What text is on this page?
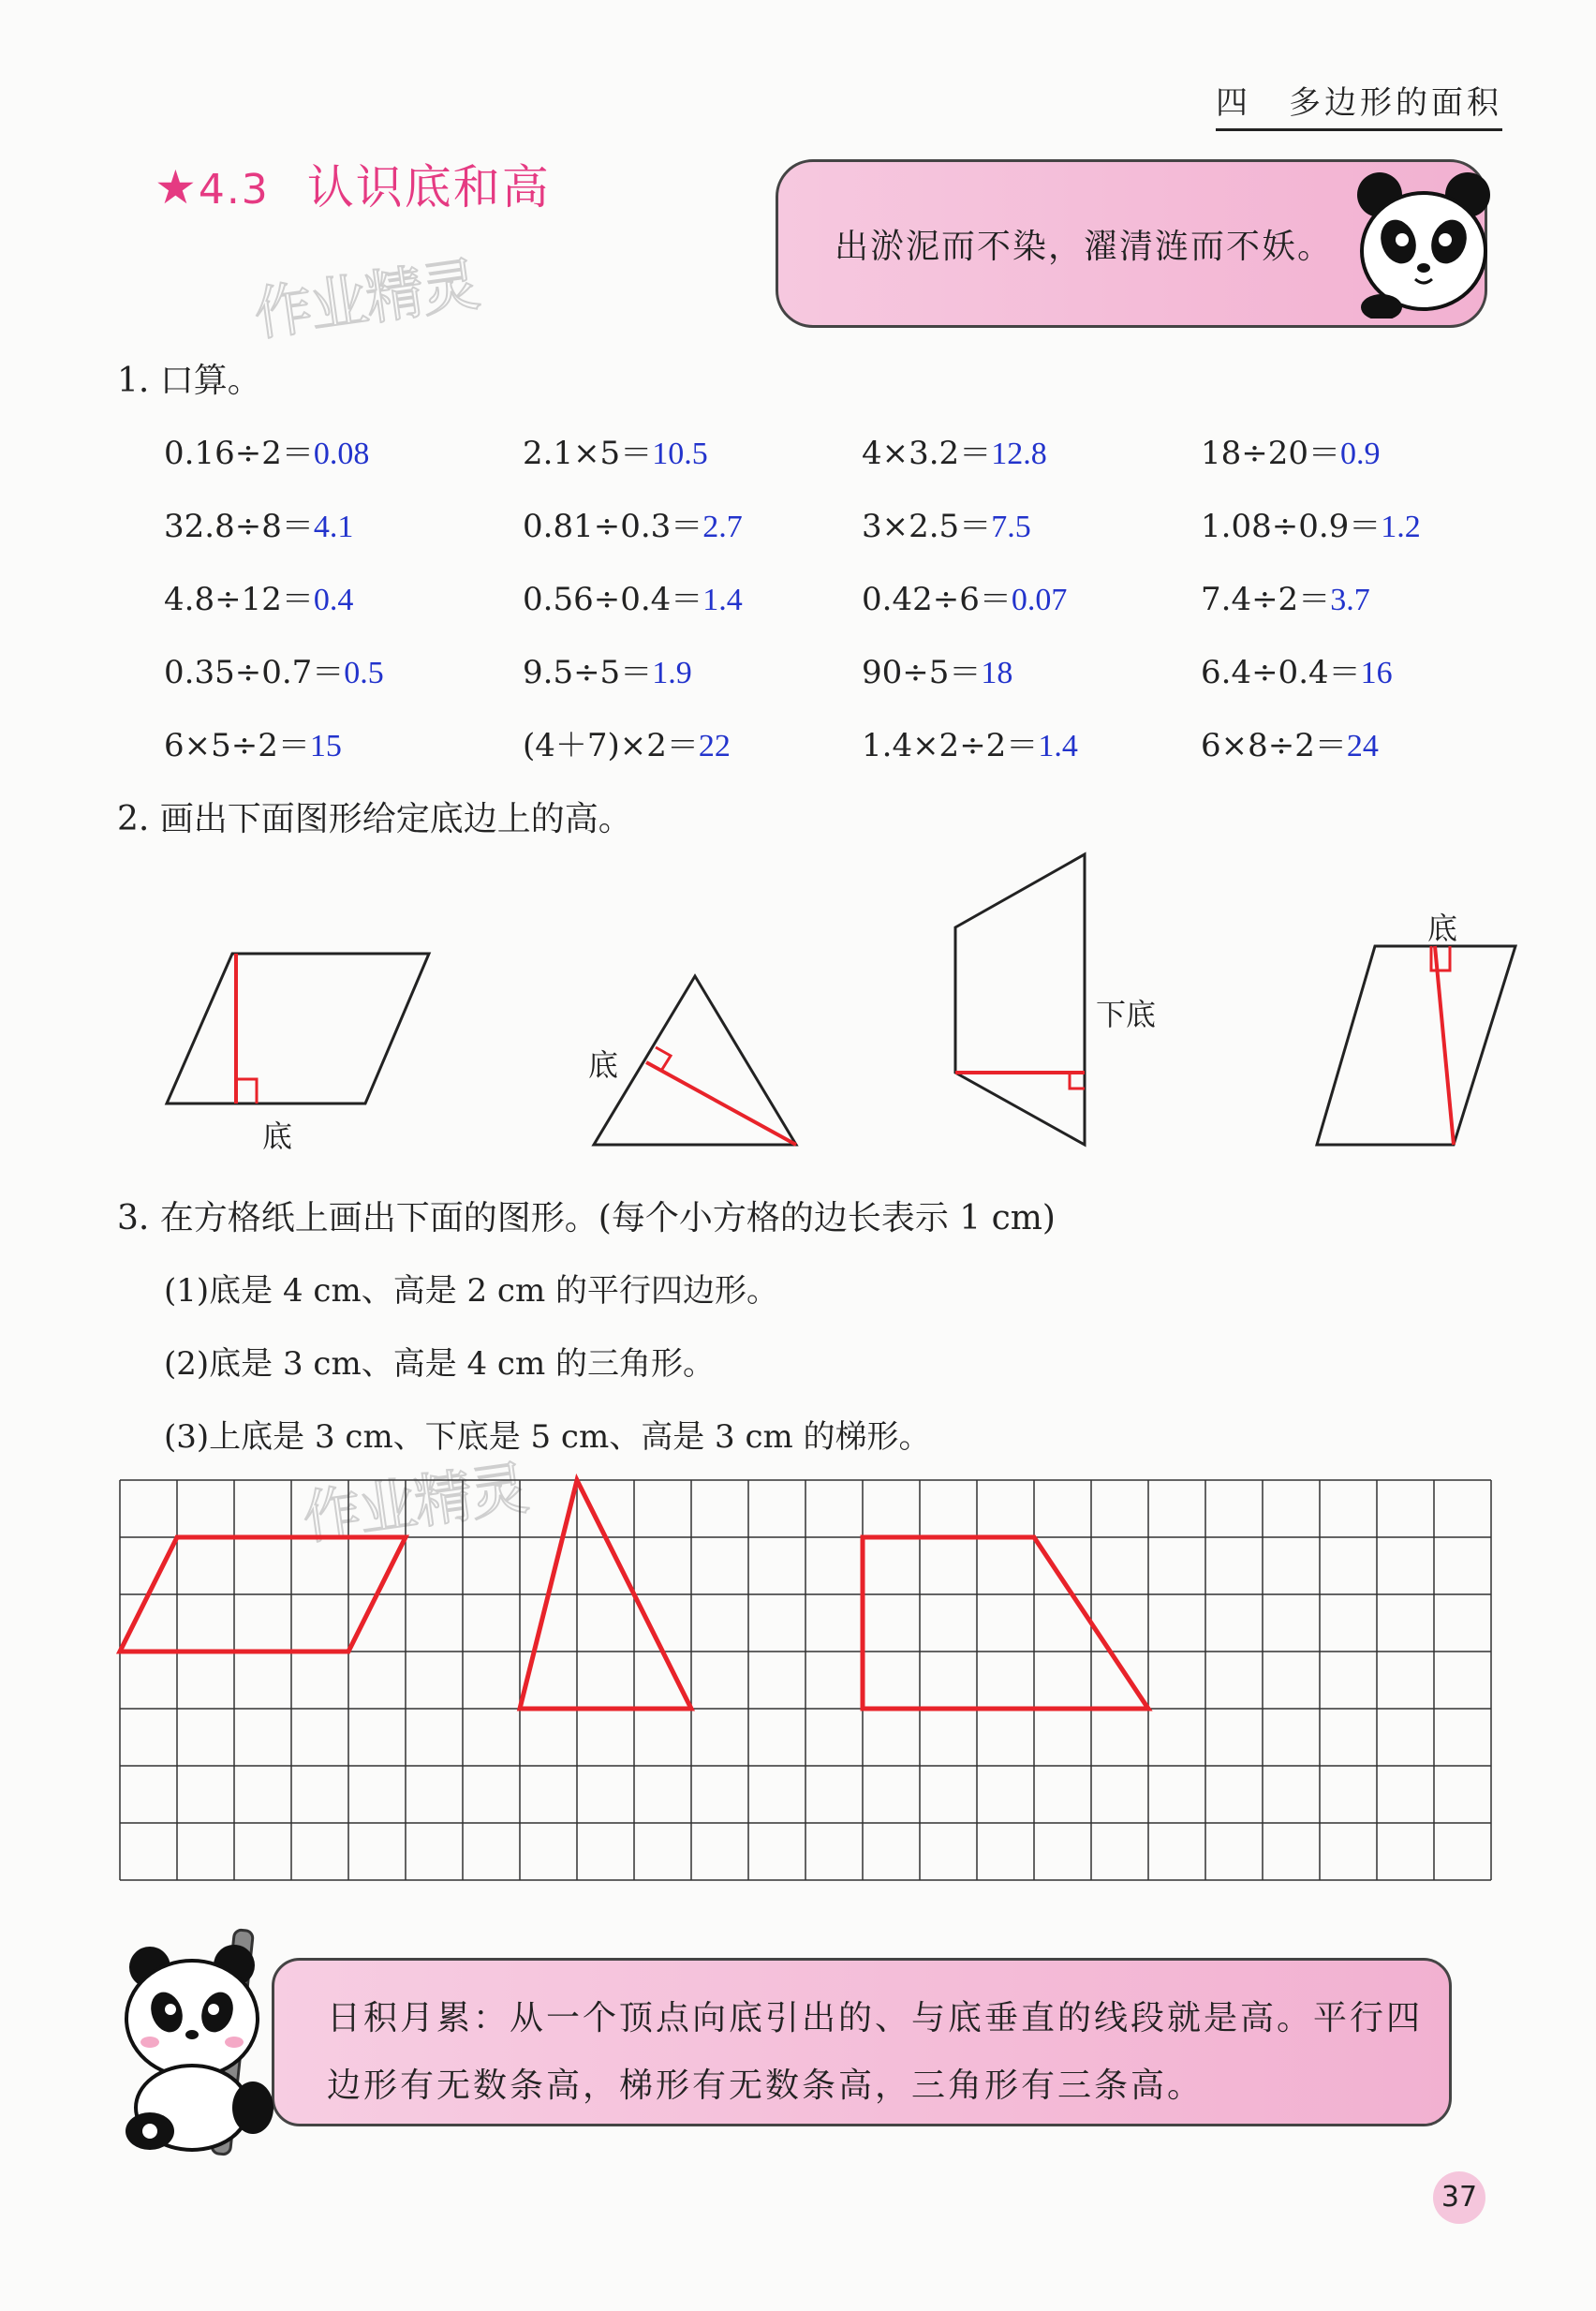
四 多边形的面积
★4.3 认识底和高
出淤泥而不染，濯清涟而不妖。
作业精灵
作业精灵
1. 口算。
0.16÷2＝0.08	2.1×5＝10.5	4×3.2＝12.8	18÷20＝0.9
32.8÷8＝4.1	0.81÷0.3＝2.7	3×2.5＝7.5	1.08÷0.9＝1.2
4.8÷12＝0.4	0.56÷0.4＝1.4	0.42÷6＝0.07	7.4÷2＝3.7
0.35÷0.7＝0.5	9.5÷5＝1.9	90÷5＝18	6.4÷0.4＝16
6×5÷2＝15	(4＋7)×2＝22	1.4×2÷2＝1.4	6×8÷2＝24
2. 画出下面图形给定底边上的高。
底
底
下底
底
3. 在方格纸上画出下面的图形。(每个小方格的边长表示 1 cm)
(1)底是 4 cm、高是 2 cm 的平行四边形。
(2)底是 3 cm、高是 4 cm 的三角形。
(3)上底是 3 cm、下底是 5 cm、高是 3 cm 的梯形。
日积月累：从一个顶点向底引出的、与底垂直的线段就是高。平行四边形有无数条高，梯形有无数条高，三角形有三条高。
37
